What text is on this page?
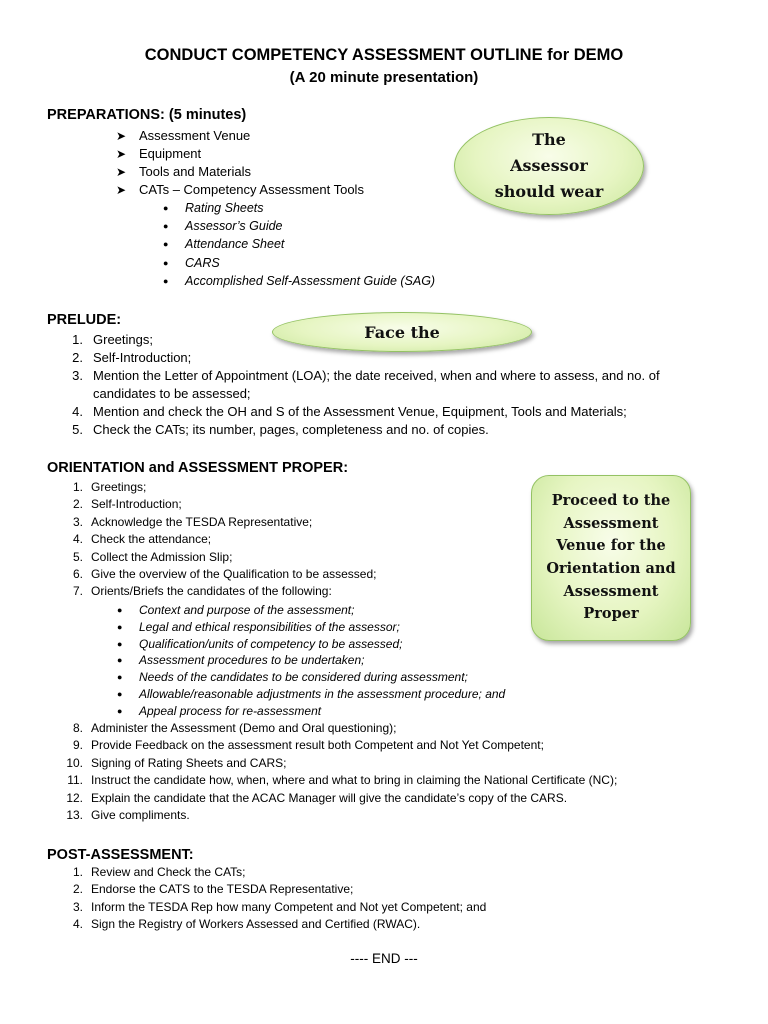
CONDUCT COMPETENCY ASSESSMENT OUTLINE for DEMO
(A 20 minute presentation)
PREPARATIONS: (5 minutes)
➤ Assessment Venue
➤ Equipment
➤ Tools and Materials
➤ CATs – Competency Assessment Tools
● Rating Sheets
● Assessor’s Guide
● Attendance Sheet
● CARS
● Accomplished Self-Assessment Guide (SAG)
The
Assessor
should wear
PRELUDE:
Face the
1. Greetings;
2. Self-Introduction;
3. Mention the Letter of Appointment (LOA); the date received, when and where to assess, and no. of
candidates to be assessed;
4. Mention and check the OH and S of the Assessment Venue, Equipment, Tools and Materials;
5. Check the CATs; its number, pages, completeness and no. of copies.
ORIENTATION and ASSESSMENT PROPER:
1. Greetings;
2. Self-Introduction;
3. Acknowledge the TESDA Representative;
4. Check the attendance;
5. Collect the Admission Slip;
6. Give the overview of the Qualification to be assessed;
7. Orients/Briefs the candidates of the following:
● Context and purpose of the assessment;
● Legal and ethical responsibilities of the assessor;
● Qualification/units of competency to be assessed;
● Assessment procedures to be undertaken;
● Needs of the candidates to be considered during assessment;
● Allowable/reasonable adjustments in the assessment procedure; and
● Appeal process for re-assessment
8. Administer the Assessment (Demo and Oral questioning);
9. Provide Feedback on the assessment result both Competent and Not Yet Competent;
10. Signing of Rating Sheets and CARS;
11. Instruct the candidate how, when, where and what to bring in claiming the National Certificate (NC);
12. Explain the candidate that the ACAC Manager will give the candidate’s copy of the CARS.
13. Give compliments.
Proceed to the
Assessment
Venue for the
Orientation and
Assessment
Proper
POST-ASSESSMENT:
1. Review and Check the CATs;
2. Endorse the CATS to the TESDA Representative;
3. Inform the TESDA Rep how many Competent and Not yet Competent; and
4. Sign the Registry of Workers Assessed and Certified (RWAC).
---- END ---
